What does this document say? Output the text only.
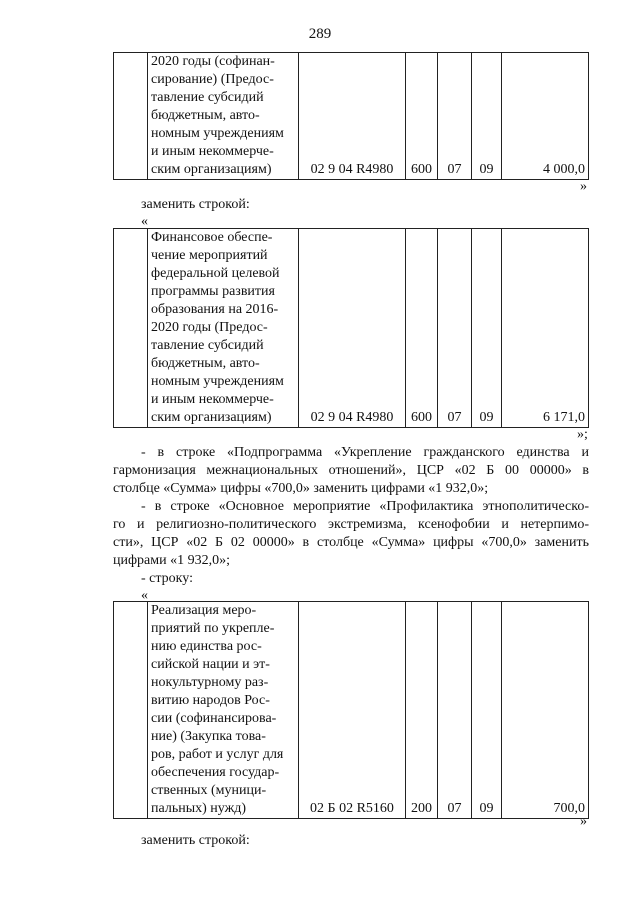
289
	2020 годы (софинан-
сирование) (Предос-
тавление субсидий
бюджетным, авто-
номным учреждениям
и иным некоммерче-
ским организациям)	02 9 04 R4980	600	07	09	4 000,0
»
заменить строкой:
«
	Финансовое обеспе-
чение мероприятий
федеральной целевой
программы развития
образования на 2016-
2020 годы (Предос-
тавление субсидий
бюджетным, авто-
номным учреждениям
и иным некоммерче-
ским организациям)	02 9 04 R4980	600	07	09	6 171,0
»;
- в строке «Подпрограмма «Укрепление гражданского единства и
гармонизация межнациональных отношений», ЦСР «02 Б 00 00000» в
столбце «Сумма» цифры «700,0» заменить цифрами «1 932,0»;
- в строке «Основное мероприятие «Профилактика этнополитическо-
го и религиозно-политического экстремизма, ксенофобии и нетерпимо-
сти», ЦСР «02 Б 02 00000» в столбце «Сумма» цифры «700,0» заменить
цифрами «1 932,0»;
- строку:
«
	Реализация меро-
приятий по укрепле-
нию единства рос-
сийской нации и эт-
нокультурному раз-
витию народов Рос-
сии (софинансирова-
ние) (Закупка това-
ров, работ и услуг для
обеспечения государ-
ственных (муници-
пальных) нужд)	02 Б 02 R5160	200	07	09	700,0
»
заменить строкой:
